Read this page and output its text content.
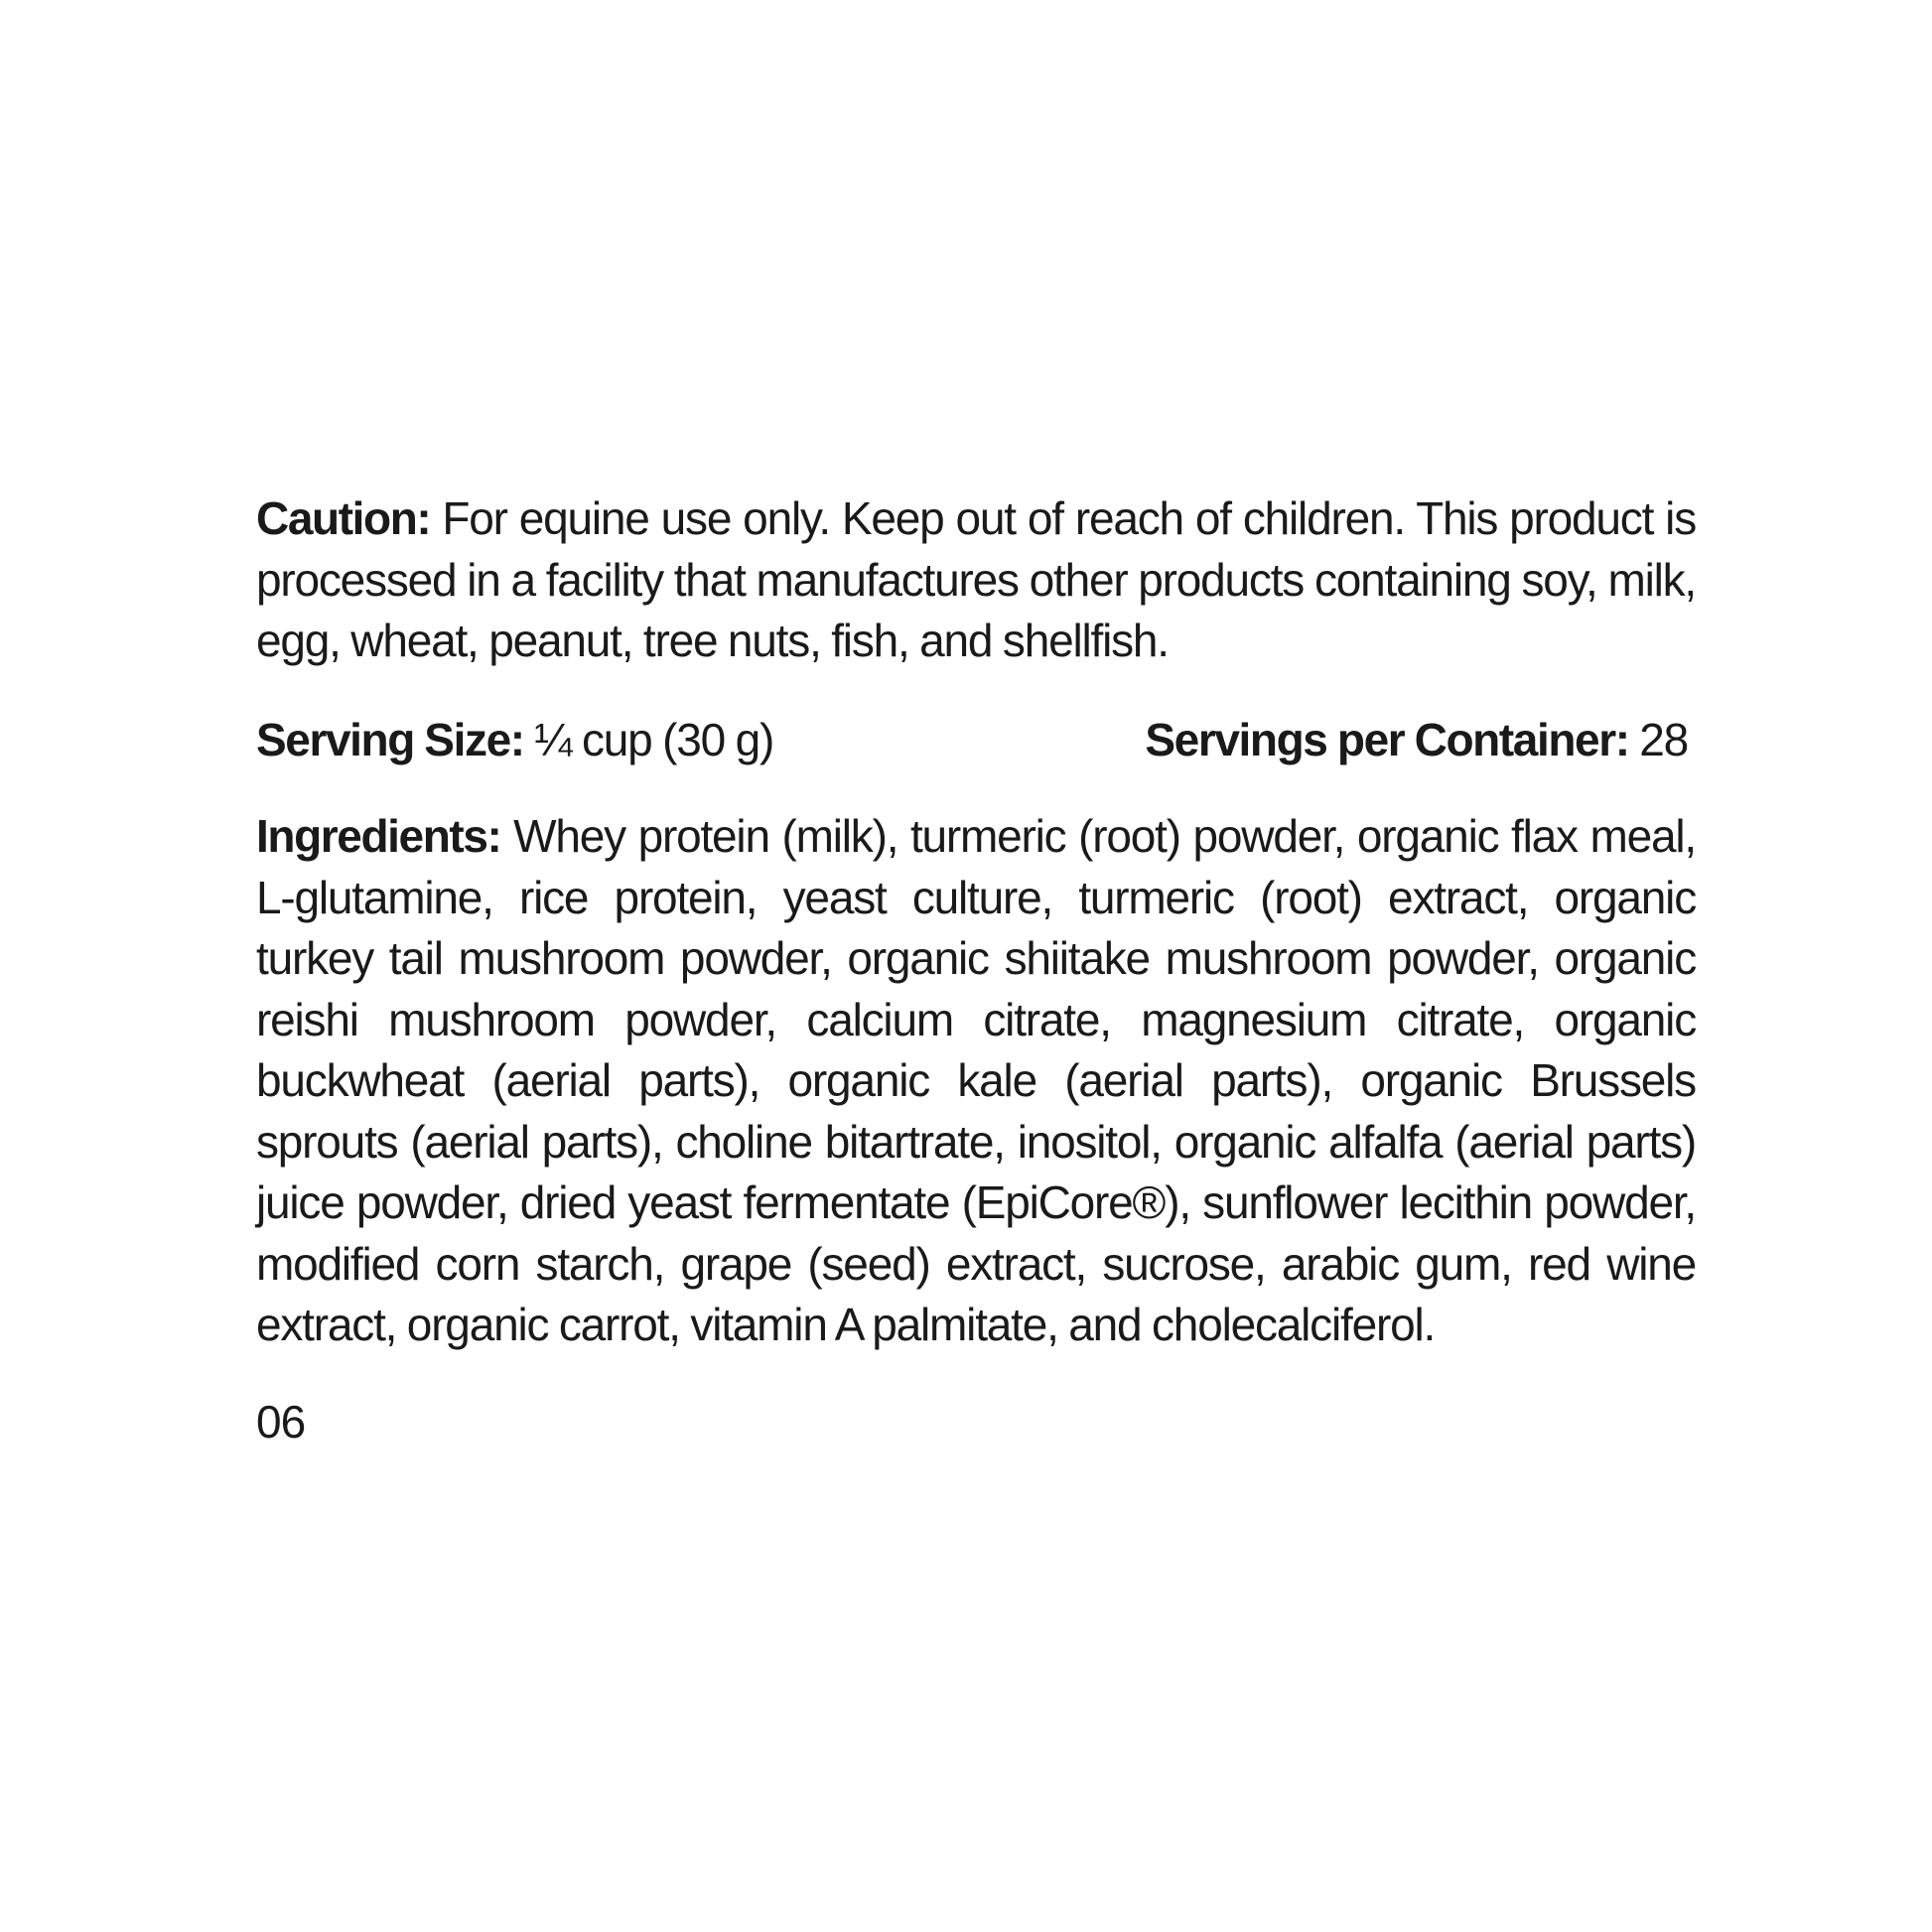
Caution: For equine use only. Keep out of reach of children. This product is processed in a facility that manufactures other products containing soy, milk, egg, wheat, peanut, tree nuts, fish, and shellfish.

Serving Size: ¼ cup (30 g)	Servings per Container: 28

Ingredients: Whey protein (milk), turmeric (root) powder, organic flax meal, L-glutamine, rice protein, yeast culture, turmeric (root) extract, organic turkey tail mushroom powder, organic shiitake mushroom powder, organic reishi mushroom powder, calcium citrate, magnesium citrate, organic buckwheat (aerial parts), organic kale (aerial parts), organic Brussels sprouts (aerial parts), choline bitartrate, inositol, organic alfalfa (aerial parts) juice powder, dried yeast fermentate (EpiCore®), sunflower lecithin powder, modified corn starch, grape (seed) extract, sucrose, arabic gum, red wine extract, organic carrot, vitamin A palmitate, and cholecalciferol.

06
